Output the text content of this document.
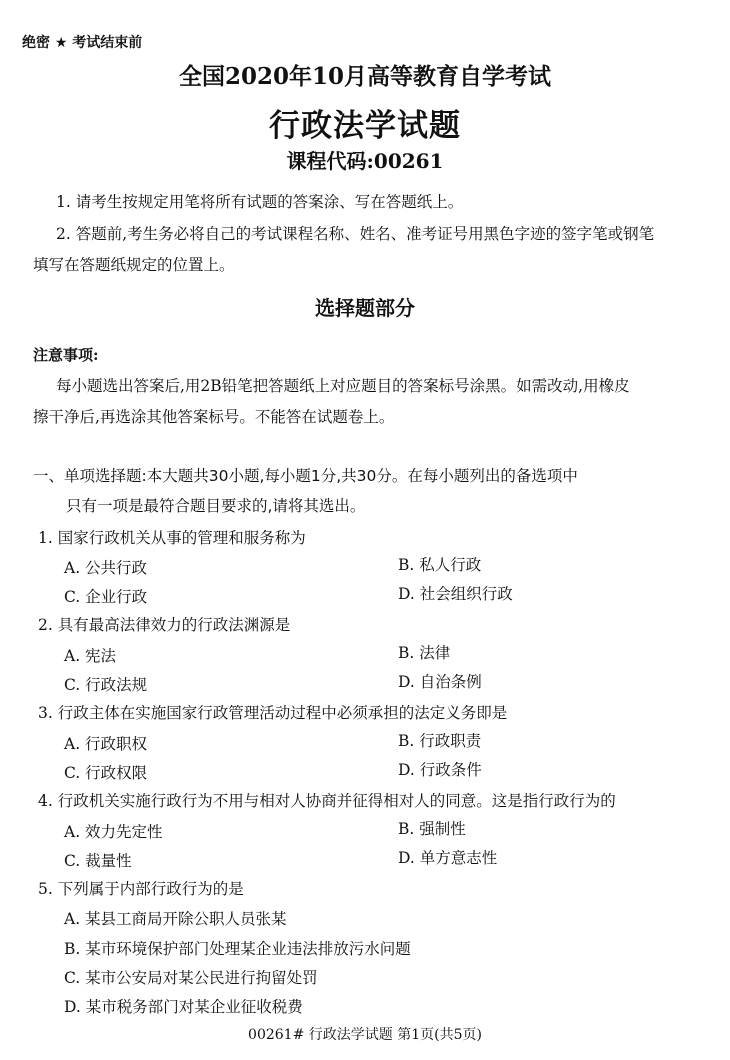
绝密 ★ 考试结束前
全国2020年10月高等教育自学考试
行政法学试题
课程代码:00261
1. 请考生按规定用笔将所有试题的答案涂、写在答题纸上。
2. 答题前,考生务必将自己的考试课程名称、姓名、准考证号用黑色字迹的签字笔或钢笔
填写在答题纸规定的位置上。
选择题部分
注意事项:
每小题选出答案后,用2B铅笔把答题纸上对应题目的答案标号涂黑。如需改动,用橡皮
擦干净后,再选涂其他答案标号。不能答在试题卷上。
一、单项选择题:本大题共30小题,每小题1分,共30分。在每小题列出的备选项中
只有一项是最符合题目要求的,请将其选出。
1. 国家行政机关从事的管理和服务称为
A. 公共行政	B. 私人行政
C. 企业行政	D. 社会组织行政
2. 具有最高法律效力的行政法渊源是
A. 宪法	B. 法律
C. 行政法规	D. 自治条例
3. 行政主体在实施国家行政管理活动过程中必须承担的法定义务即是
A. 行政职权	B. 行政职责
C. 行政权限	D. 行政条件
4. 行政机关实施行政行为不用与相对人协商并征得相对人的同意。这是指行政行为的
A. 效力先定性	B. 强制性
C. 裁量性	D. 单方意志性
5. 下列属于内部行政行为的是
A. 某县工商局开除公职人员张某
B. 某市环境保护部门处理某企业违法排放污水问题
C. 某市公安局对某公民进行拘留处罚
D. 某市税务部门对某企业征收税费
00261# 行政法学试题 第1页(共5页)
